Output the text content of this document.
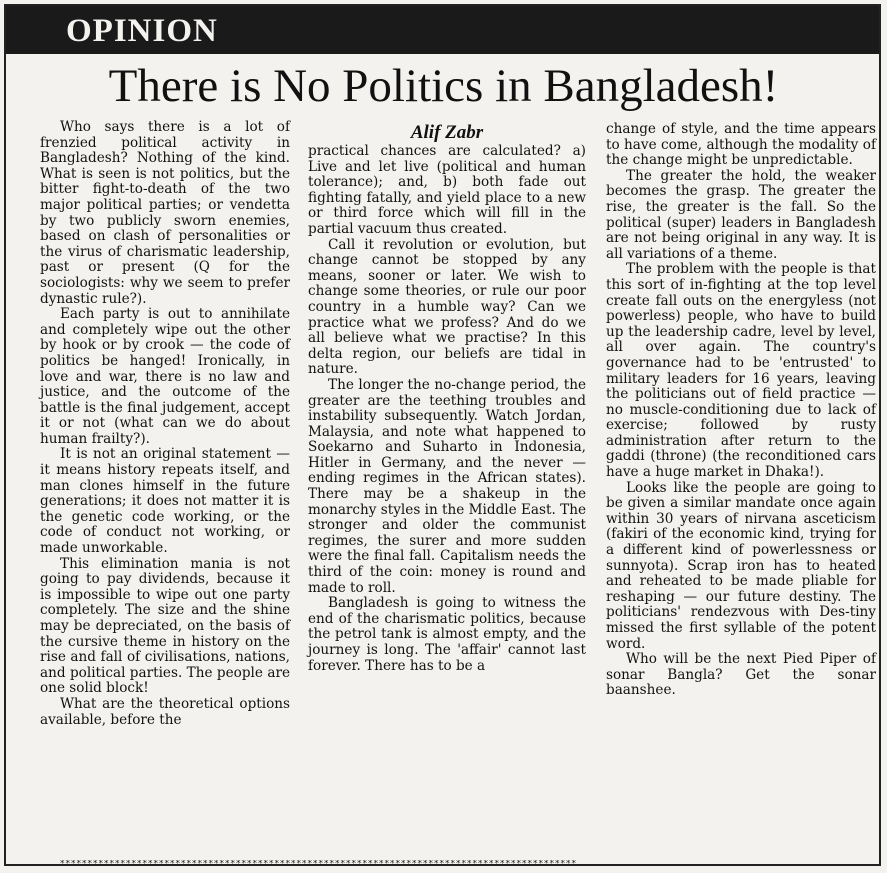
OPINION
There is No Politics in Bangladesh!

Who says there is a lot of frenzied political activity in Bangladesh? Nothing of the kind. What is seen is not politics, but the bitter fight-to-death of the two major political parties; or vendetta by two publicly sworn enemies, based on clash of personalities or the virus of charismatic leadership, past or present (Q for the sociologists: why we seem to prefer dynastic rule?).

Each party is out to annihilate and completely wipe out the other by hook or by crook — the code of politics be hanged! Ironically, in love and war, there is no law and justice, and the outcome of the battle is the final judgement, accept it or not (what can we do about human frailty?).

It is not an original statement — it means history repeats itself, and man clones himself in the future generations; it does not matter it is the genetic code working, or the code of conduct not working, or made unworkable.

This elimination mania is not going to pay dividends, because it is impossible to wipe out one party completely. The size and the shine may be depreciated, on the basis of the cursive theme in history on the rise and fall of civilisations, nations, and political parties. The people are one solid block!

What are the theoretical options available, before the

Alif Zabr

practical chances are calculated? a) Live and let live (political and human tolerance); and, b) both fade out fighting fatally, and yield place to a new or third force which will fill in the partial vacuum thus created.

Call it revolution or evolution, but change cannot be stopped by any means, sooner or later. We wish to change some theories, or rule our poor country in a humble way? Can we practice what we profess? And do we all believe what we practise? In this delta region, our beliefs are tidal in nature.

The longer the no-change period, the greater are the teething troubles and instability subsequently. Watch Jordan, Malaysia, and note what happened to Soekarno and Suharto in Indonesia, Hitler in Germany, and the never — ending regimes in the African states). There may be a shakeup in the monarchy styles in the Middle East. The stronger and older the communist regimes, the surer and more sudden were the final fall. Capitalism needs the third of the coin: money is round and made to roll.

Bangladesh is going to witness the end of the charismatic politics, because the petrol tank is almost empty, and the journey is long. The 'affair' cannot last forever. There has to be a

change of style, and the time appears to have come, although the modality of the change might be unpredictable.

The greater the hold, the weaker becomes the grasp. The greater the rise, the greater is the fall. So the political (super) leaders in Bangladesh are not being original in any way. It is all variations of a theme.

The problem with the people is that this sort of in-fighting at the top level create fall outs on the energyless (not powerless) people, who have to build up the leadership cadre, level by level, all over again. The country's governance had to be 'entrusted' to military leaders for 16 years, leaving the politicians out of field practice — no muscle-conditioning due to lack of exercise; followed by rusty administration after return to the gaddi (throne) (the reconditioned cars have a huge market in Dhaka!).

Looks like the people are going to be given a similar mandate once again within 30 years of nirvana asceticism (fakiri of the economic kind, trying for a different kind of powerlessness or sunnyota). Scrap iron has to heated and reheated to be made pliable for reshaping — our future destiny. The politicians' rendezvous with Des-tiny missed the first syllable of the potent word.

Who will be the next Pied Piper of sonar Bangla? Get the sonar baanshee.

**********************************************************************************************
